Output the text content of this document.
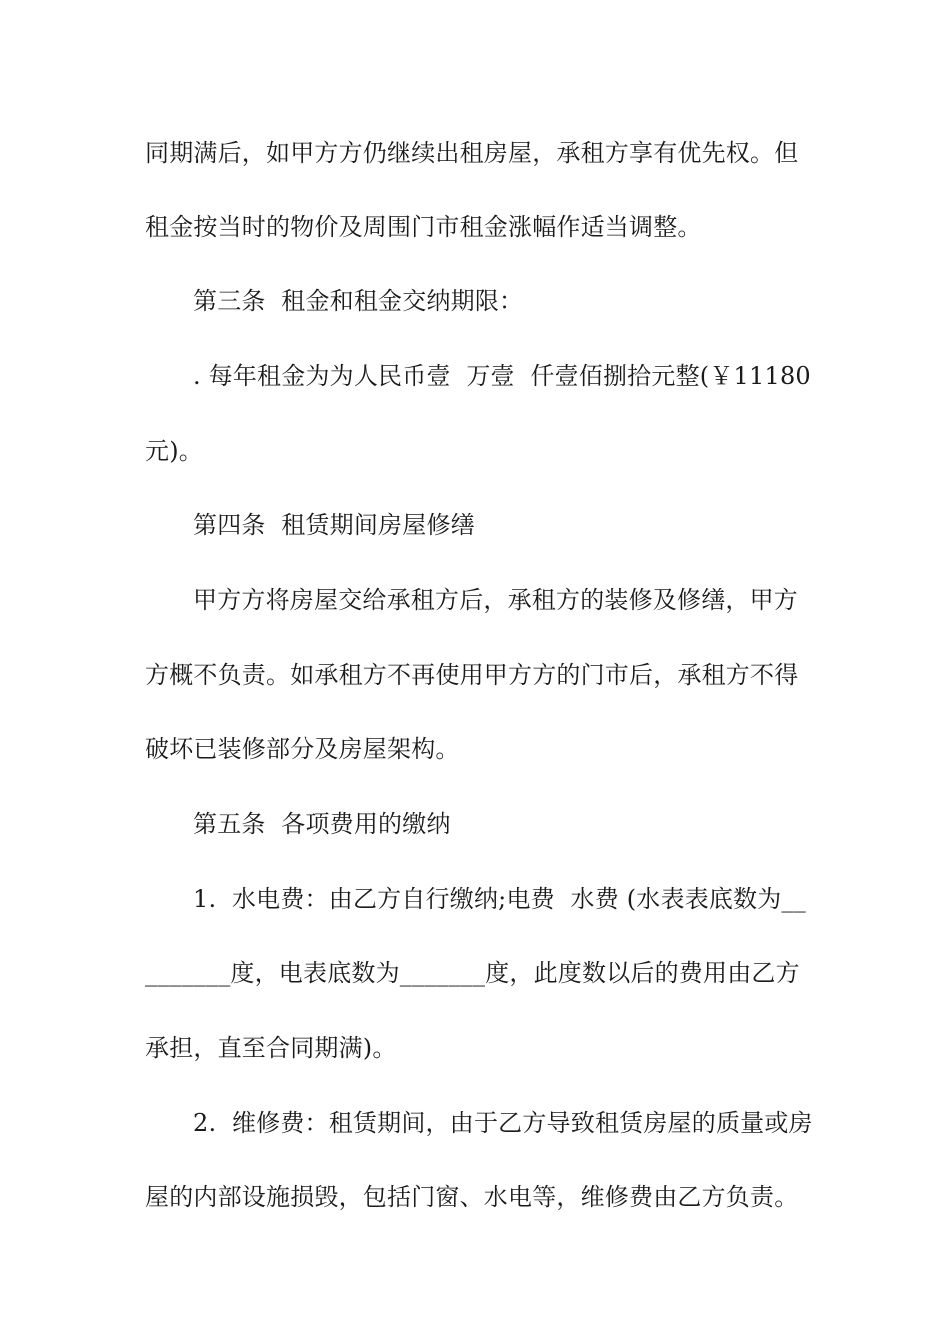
同期满后，如甲方方仍继续出租房屋，承租方享有优先权。但
租金按当时的物价及周围门市租金涨幅作适当调整。
第三条  租金和租金交纳期限：
. 每年租金为为人民币壹  万壹  仟壹佰捌拾元整(￥11180
元)。
第四条  租赁期间房屋修缮
甲方方将房屋交给承租方后，承租方的装修及修缮，甲方
方概不负责。如承租方不再使用甲方方的门市后，承租方不得
破坏已装修部分及房屋架构。
第五条  各项费用的缴纳
1.  水电费：由乙方自行缴纳;电费  水费 (水表表底数为__
_______度，电表底数为_______度，此度数以后的费用由乙方
承担，直至合同期满)。
2.  维修费：租赁期间，由于乙方导致租赁房屋的质量或房
屋的内部设施损毁，包括门窗、水电等，维修费由乙方负责。
